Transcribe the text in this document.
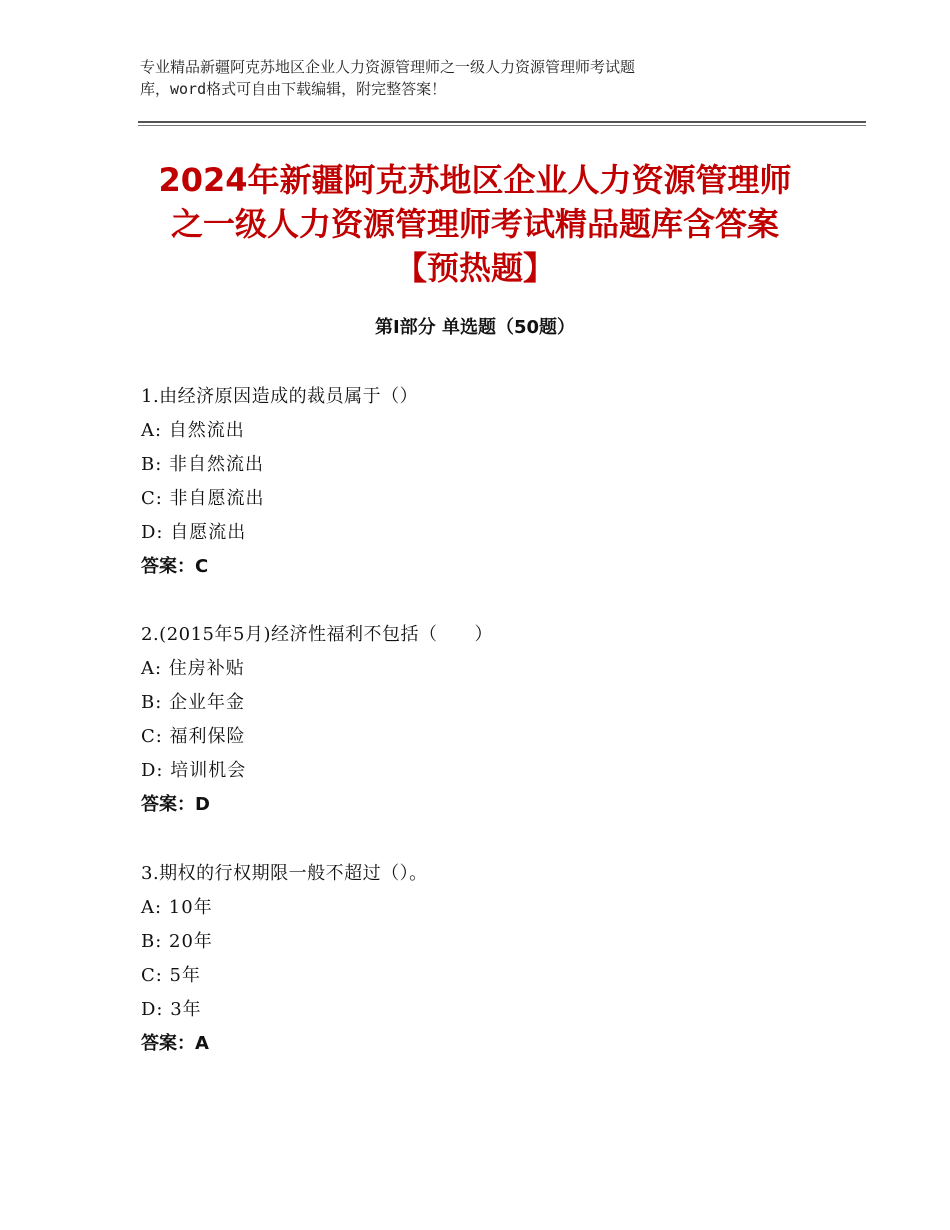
专业精品新疆阿克苏地区企业人力资源管理师之一级人力资源管理师考试题
库，word格式可自由下载编辑，附完整答案！
2024年新疆阿克苏地区企业人力资源管理师
之一级人力资源管理师考试精品题库含答案
【预热题】
第Ⅰ部分 单选题（50题）
1.由经济原因造成的裁员属于（）
A: 自然流出
B: 非自然流出
C: 非自愿流出
D: 自愿流出
答案：C
2.(2015年5月)经济性福利不包括（　　）
A: 住房补贴
B: 企业年金
C: 福利保险
D: 培训机会
答案：D
3.期权的行权期限一般不超过（）。
A: 10年
B: 20年
C: 5年
D: 3年
答案：A
